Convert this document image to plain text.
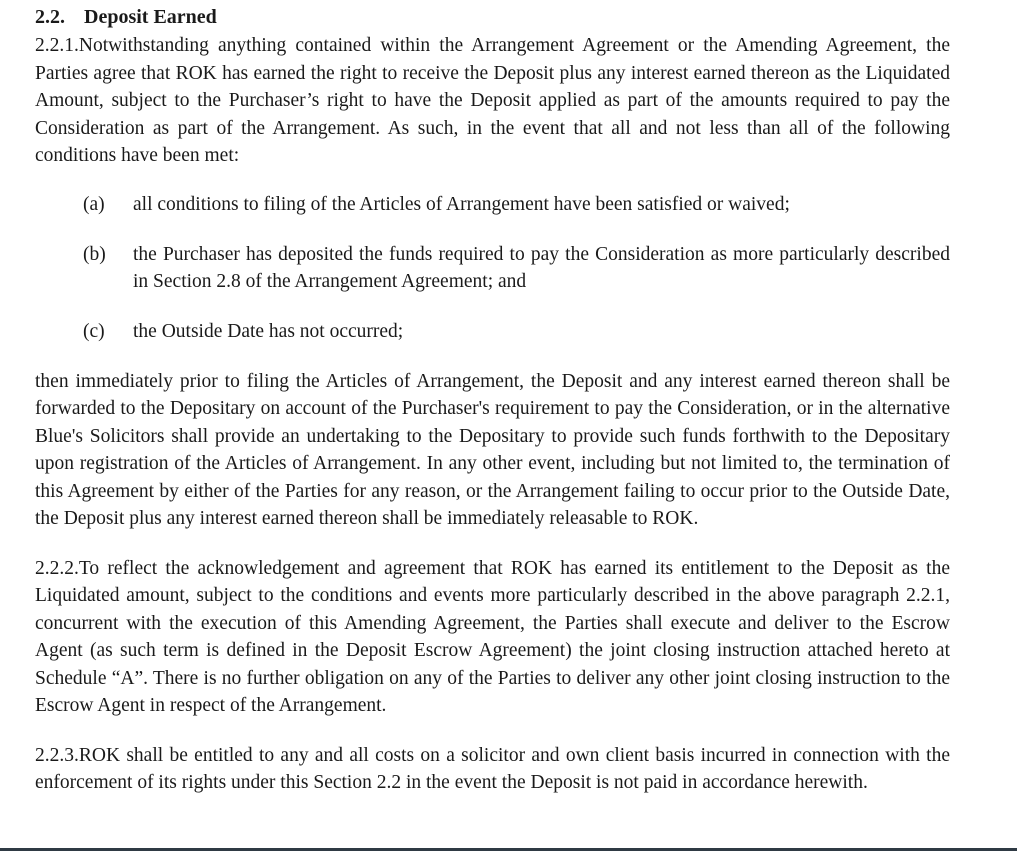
2.2. Deposit Earned

2.2.1.Notwithstanding anything contained within the Arrangement Agreement or the Amending Agreement, the Parties agree that ROK has earned the right to receive the Deposit plus any interest earned thereon as the Liquidated Amount, subject to the Purchaser’s right to have the Deposit applied as part of the amounts required to pay the Consideration as part of the Arrangement. As such, in the event that all and not less than all of the following conditions have been met:

(a)	all conditions to filing of the Articles of Arrangement have been satisfied or waived;
(b)	the Purchaser has deposited the funds required to pay the Consideration as more particularly described in Section 2.8 of the Arrangement Agreement; and
(c)	the Outside Date has not occurred;

then immediately prior to filing the Articles of Arrangement, the Deposit and any interest earned thereon shall be forwarded to the Depositary on account of the Purchaser's requirement to pay the Consideration, or in the alternative Blue's Solicitors shall provide an undertaking to the Depositary to provide such funds forthwith to the Depositary upon registration of the Articles of Arrangement. In any other event, including but not limited to, the termination of this Agreement by either of the Parties for any reason, or the Arrangement failing to occur prior to the Outside Date, the Deposit plus any interest earned thereon shall be immediately releasable to ROK.

2.2.2.To reflect the acknowledgement and agreement that ROK has earned its entitlement to the Deposit as the Liquidated amount, subject to the conditions and events more particularly described in the above paragraph 2.2.1, concurrent with the execution of this Amending Agreement, the Parties shall execute and deliver to the Escrow Agent (as such term is defined in the Deposit Escrow Agreement) the joint closing instruction attached hereto at Schedule “A”. There is no further obligation on any of the Parties to deliver any other joint closing instruction to the Escrow Agent in respect of the Arrangement.

2.2.3.ROK shall be entitled to any and all costs on a solicitor and own client basis incurred in connection with the enforcement of its rights under this Section 2.2 in the event the Deposit is not paid in accordance herewith.
